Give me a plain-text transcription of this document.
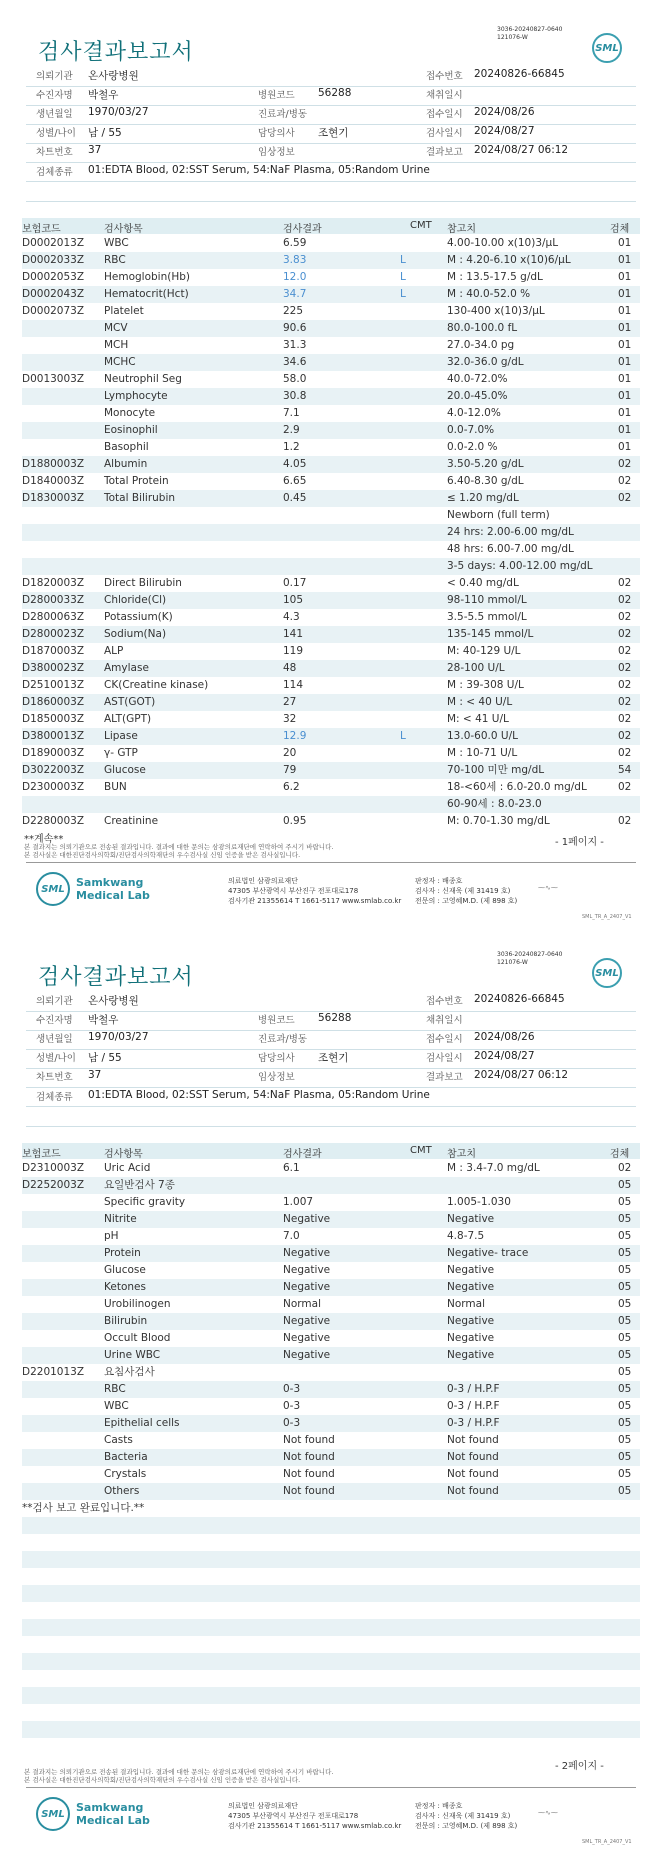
3036-20240827-0640
121076-W
검사결과보고서	SML
의뢰기관 온사랑병원	접수번호 20240826-66845
수진자명 박철우	병원코드 56288	채취일시
생년월일 1970/03/27	진료과/병동	접수일시 2024/08/26
성별/나이 남 / 55	담당의사 조현기	검사일시 2024/08/27
차트번호 37	임상정보	결과보고 2024/08/27 06:12
검체종류 01:EDTA Blood, 02:SST Serum, 54:NaF Plasma, 05:Random Urine
보험코드	검사항목	검사결과	CMT 참고치	검체
D0002013Z WBC	6.59	4.00-10.00 x(10)3/μL	01
D0002033Z RBC	3.83	L	M : 4.20-6.10 x(10)6/μL	01
D0002053Z Hemoglobin(Hb)	12.0	L	M : 13.5-17.5 g/dL	01
D0002043Z Hematocrit(Hct)	34.7	L	M : 40.0-52.0 %	01
D0002073Z Platelet	225	130-400 x(10)3/μL	01
MCV	90.6	80.0-100.0 fL	01
MCH	31.3	27.0-34.0 pg	01
MCHC	34.6	32.0-36.0 g/dL	01
D0013003Z Neutrophil Seg	58.0	40.0-72.0%	01
Lymphocyte	30.8	20.0-45.0%	01
Monocyte	7.1	4.0-12.0%	01
Eosinophil	2.9	0.0-7.0%	01
Basophil	1.2	0.0-2.0 %	01
D1880003Z Albumin	4.05	3.50-5.20 g/dL	02
D1840003Z Total Protein	6.65	6.40-8.30 g/dL	02
D1830003Z Total Bilirubin	0.45	≤ 1.20 mg/dL	02
Newborn (full term)
24 hrs: 2.00-6.00 mg/dL
48 hrs: 6.00-7.00 mg/dL
3-5 days: 4.00-12.00 mg/dL
D1820003Z Direct Bilirubin	0.17	< 0.40 mg/dL	02
D2800033Z Chloride(Cl)	105	98-110 mmol/L	02
D2800063Z Potassium(K)	4.3	3.5-5.5 mmol/L	02
D2800023Z Sodium(Na)	141	135-145 mmol/L	02
D1870003Z ALP	119	M: 40-129 U/L	02
D3800023Z Amylase	48	28-100 U/L	02
D2510013Z CK(Creatine kinase)	114	M : 39-308 U/L	02
D1860003Z AST(GOT)	27	M : < 40 U/L	02
D1850003Z ALT(GPT)	32	M: < 41 U/L	02
D3800013Z Lipase	12.9	L	13.0-60.0 U/L	02
D1890003Z γ- GTP	20	M : 10-71 U/L	02
D3022003Z Glucose	79	70-100 미만 mg/dL	54
D2300003Z BUN	6.2	18-<60세 : 6.0-20.0 mg/dL	02
60-90세 : 8.0-23.0
D2280003Z Creatinine	0.95	M: 0.70-1.30 mg/dL	02
**계속**	- 1페이지 -
본 결과지는 의뢰기관으로 전송된 결과입니다. 결과에 대한 문의는 삼광의료재단에 연락하여 주시기 바랍니다.
본 검사실은 대한진단검사의학회/진단검사의학재단의 우수검사실 신임 인증을 받은 검사실입니다.
SML	Samkwang
Medical Lab
의료법인 삼광의료재단
47305 부산광역시 부산진구 전포대로178
검사기관 21355614 T 1661-5117 www.smlab.co.kr
판정자 : 배종호
검사자 : 신재욱 (제 31419 호)
전문의 : 고영혜M.D. (제 898 호)
⁓∿⁓
SML_TR_A_2407_V1
3036-20240827-0640
121076-W
검사결과보고서	SML
의뢰기관 온사랑병원	접수번호 20240826-66845
수진자명 박철우	병원코드 56288	채취일시
생년월일 1970/03/27	진료과/병동	접수일시 2024/08/26
성별/나이 남 / 55	담당의사 조현기	검사일시 2024/08/27
차트번호 37	임상정보	결과보고 2024/08/27 06:12
검체종류 01:EDTA Blood, 02:SST Serum, 54:NaF Plasma, 05:Random Urine
보험코드	검사항목	검사결과	CMT 참고치	검체
D2310003Z Uric Acid	6.1	M : 3.4-7.0 mg/dL	02
D2252003Z 요일반검사 7종	05
Specific gravity	1.007	1.005-1.030	05
Nitrite	Negative	Negative	05
pH	7.0	4.8-7.5	05
Protein	Negative	Negative- trace	05
Glucose	Negative	Negative	05
Ketones	Negative	Negative	05
Urobilinogen	Normal	Normal	05
Bilirubin	Negative	Negative	05
Occult Blood	Negative	Negative	05
Urine WBC	Negative	Negative	05
D2201013Z 요침사검사	05
RBC	0-3	0-3 / H.P.F	05
WBC	0-3	0-3 / H.P.F	05
Epithelial cells	0-3	0-3 / H.P.F	05
Casts	Not found	Not found	05
Bacteria	Not found	Not found	05
Crystals	Not found	Not found	05
Others	Not found	Not found	05
**검사 보고 완료입니다.**
- 2페이지 -
본 결과지는 의뢰기관으로 전송된 결과입니다. 결과에 대한 문의는 삼광의료재단에 연락하여 주시기 바랍니다.
본 검사실은 대한진단검사의학회/진단검사의학재단의 우수검사실 신임 인증을 받은 검사실입니다.
SML	Samkwang
Medical Lab
의료법인 삼광의료재단
47305 부산광역시 부산진구 전포대로178
검사기관 21355614 T 1661-5117 www.smlab.co.kr
판정자 : 배종호
검사자 : 신재욱 (제 31419 호)
전문의 : 고영혜M.D. (제 898 호)
⁓∿⁓
SML_TR_A_2407_V1
